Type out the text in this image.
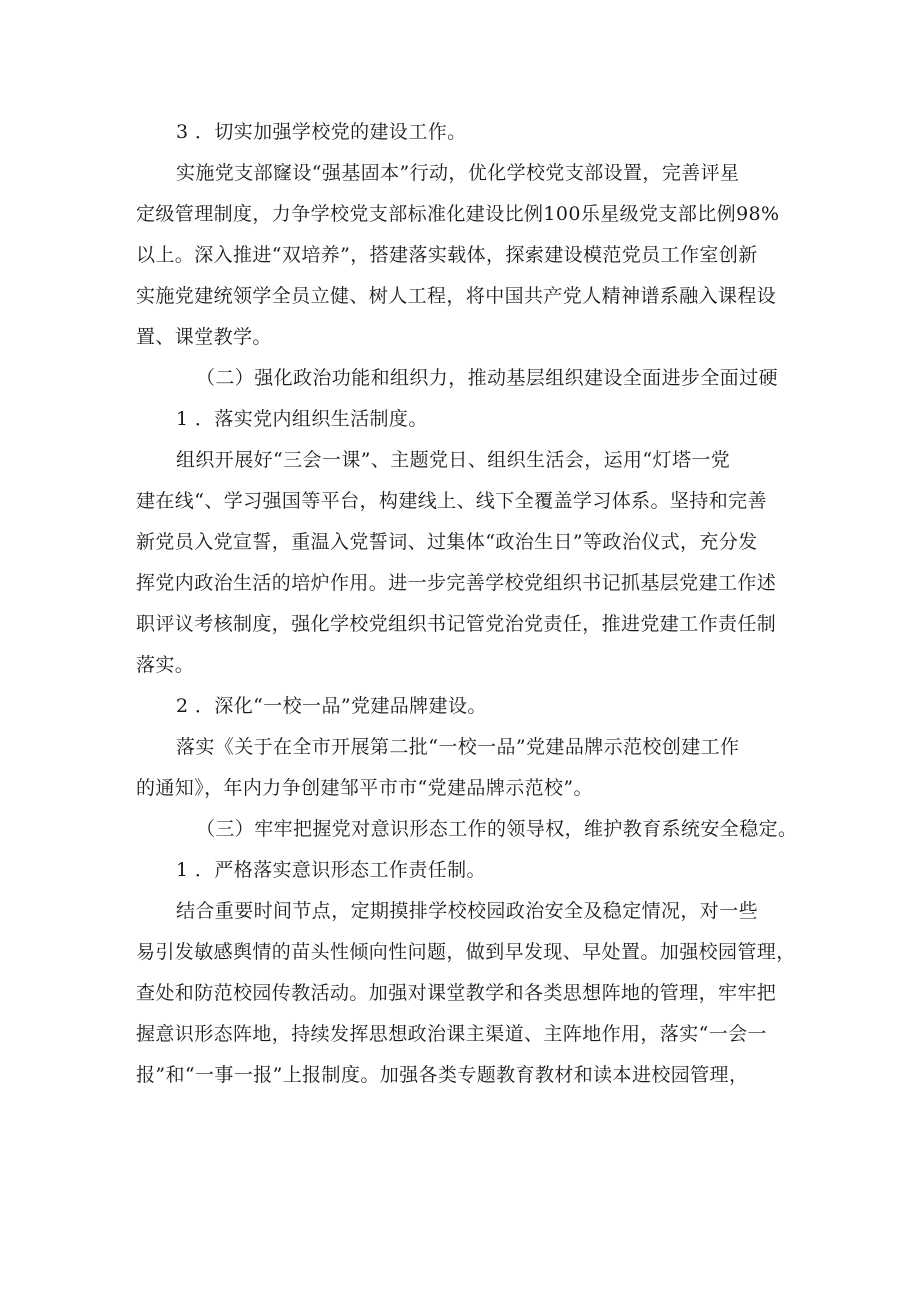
3 ．切实加强学校党的建设工作。

实施党支部窿设“强基固本”行动，优化学校党支部设置，完善评星
定级管理制度，力争学校党支部标准化建设比例100乐星级党支部比例98%
以上。深入推进“双培养”，搭建落实载体，探索建设模范党员工作室创新
实施党建统领学全员立健、树人工程，将中国共产党人精神谱系融入课程设
置、课堂教学。

（二）强化政治功能和组织力，推动基层组织建设全面进步全面过硬

1 ．落实党内组织生活制度。

组织开展好“三会一课”、主题党日、组织生活会，运用“灯塔一党
建在线“、学习强国等平台，构建线上、线下全覆盖学习体系。坚持和完善
新党员入党宣誓，重温入党誓词、过集体“政治生日”等政治仪式，充分发
挥党内政治生活的培炉作用。进一步完善学校党组织书记抓基层党建工作述
职评议考核制度，强化学校党组织书记管党治党责任，推进党建工作责任制
落实。

2 ．深化“一校一品”党建品牌建设。

落实《关于在全市开展第二批“一校一品”党建品牌示范校创建工作
的通知》，年内力争创建邹平市市“党建品牌示范校”。

（三）牢牢把握党对意识形态工作的领导权，维护教育系统安全稳定。

1 ．严格落实意识形态工作责任制。

结合重要时间节点，定期摸排学校校园政治安全及稳定情况，对一些
易引发敏感舆情的苗头性倾向性问题，做到早发现、早处置。加强校园管理，
查处和防范校园传教活动。加强对课堂教学和各类思想阵地的管理，牢牢把
握意识形态阵地，持续发挥思想政治课主渠道、主阵地作用，落实“一会一
报”和“一事一报”上报制度。加强各类专题教育教材和读本进校园管理，
